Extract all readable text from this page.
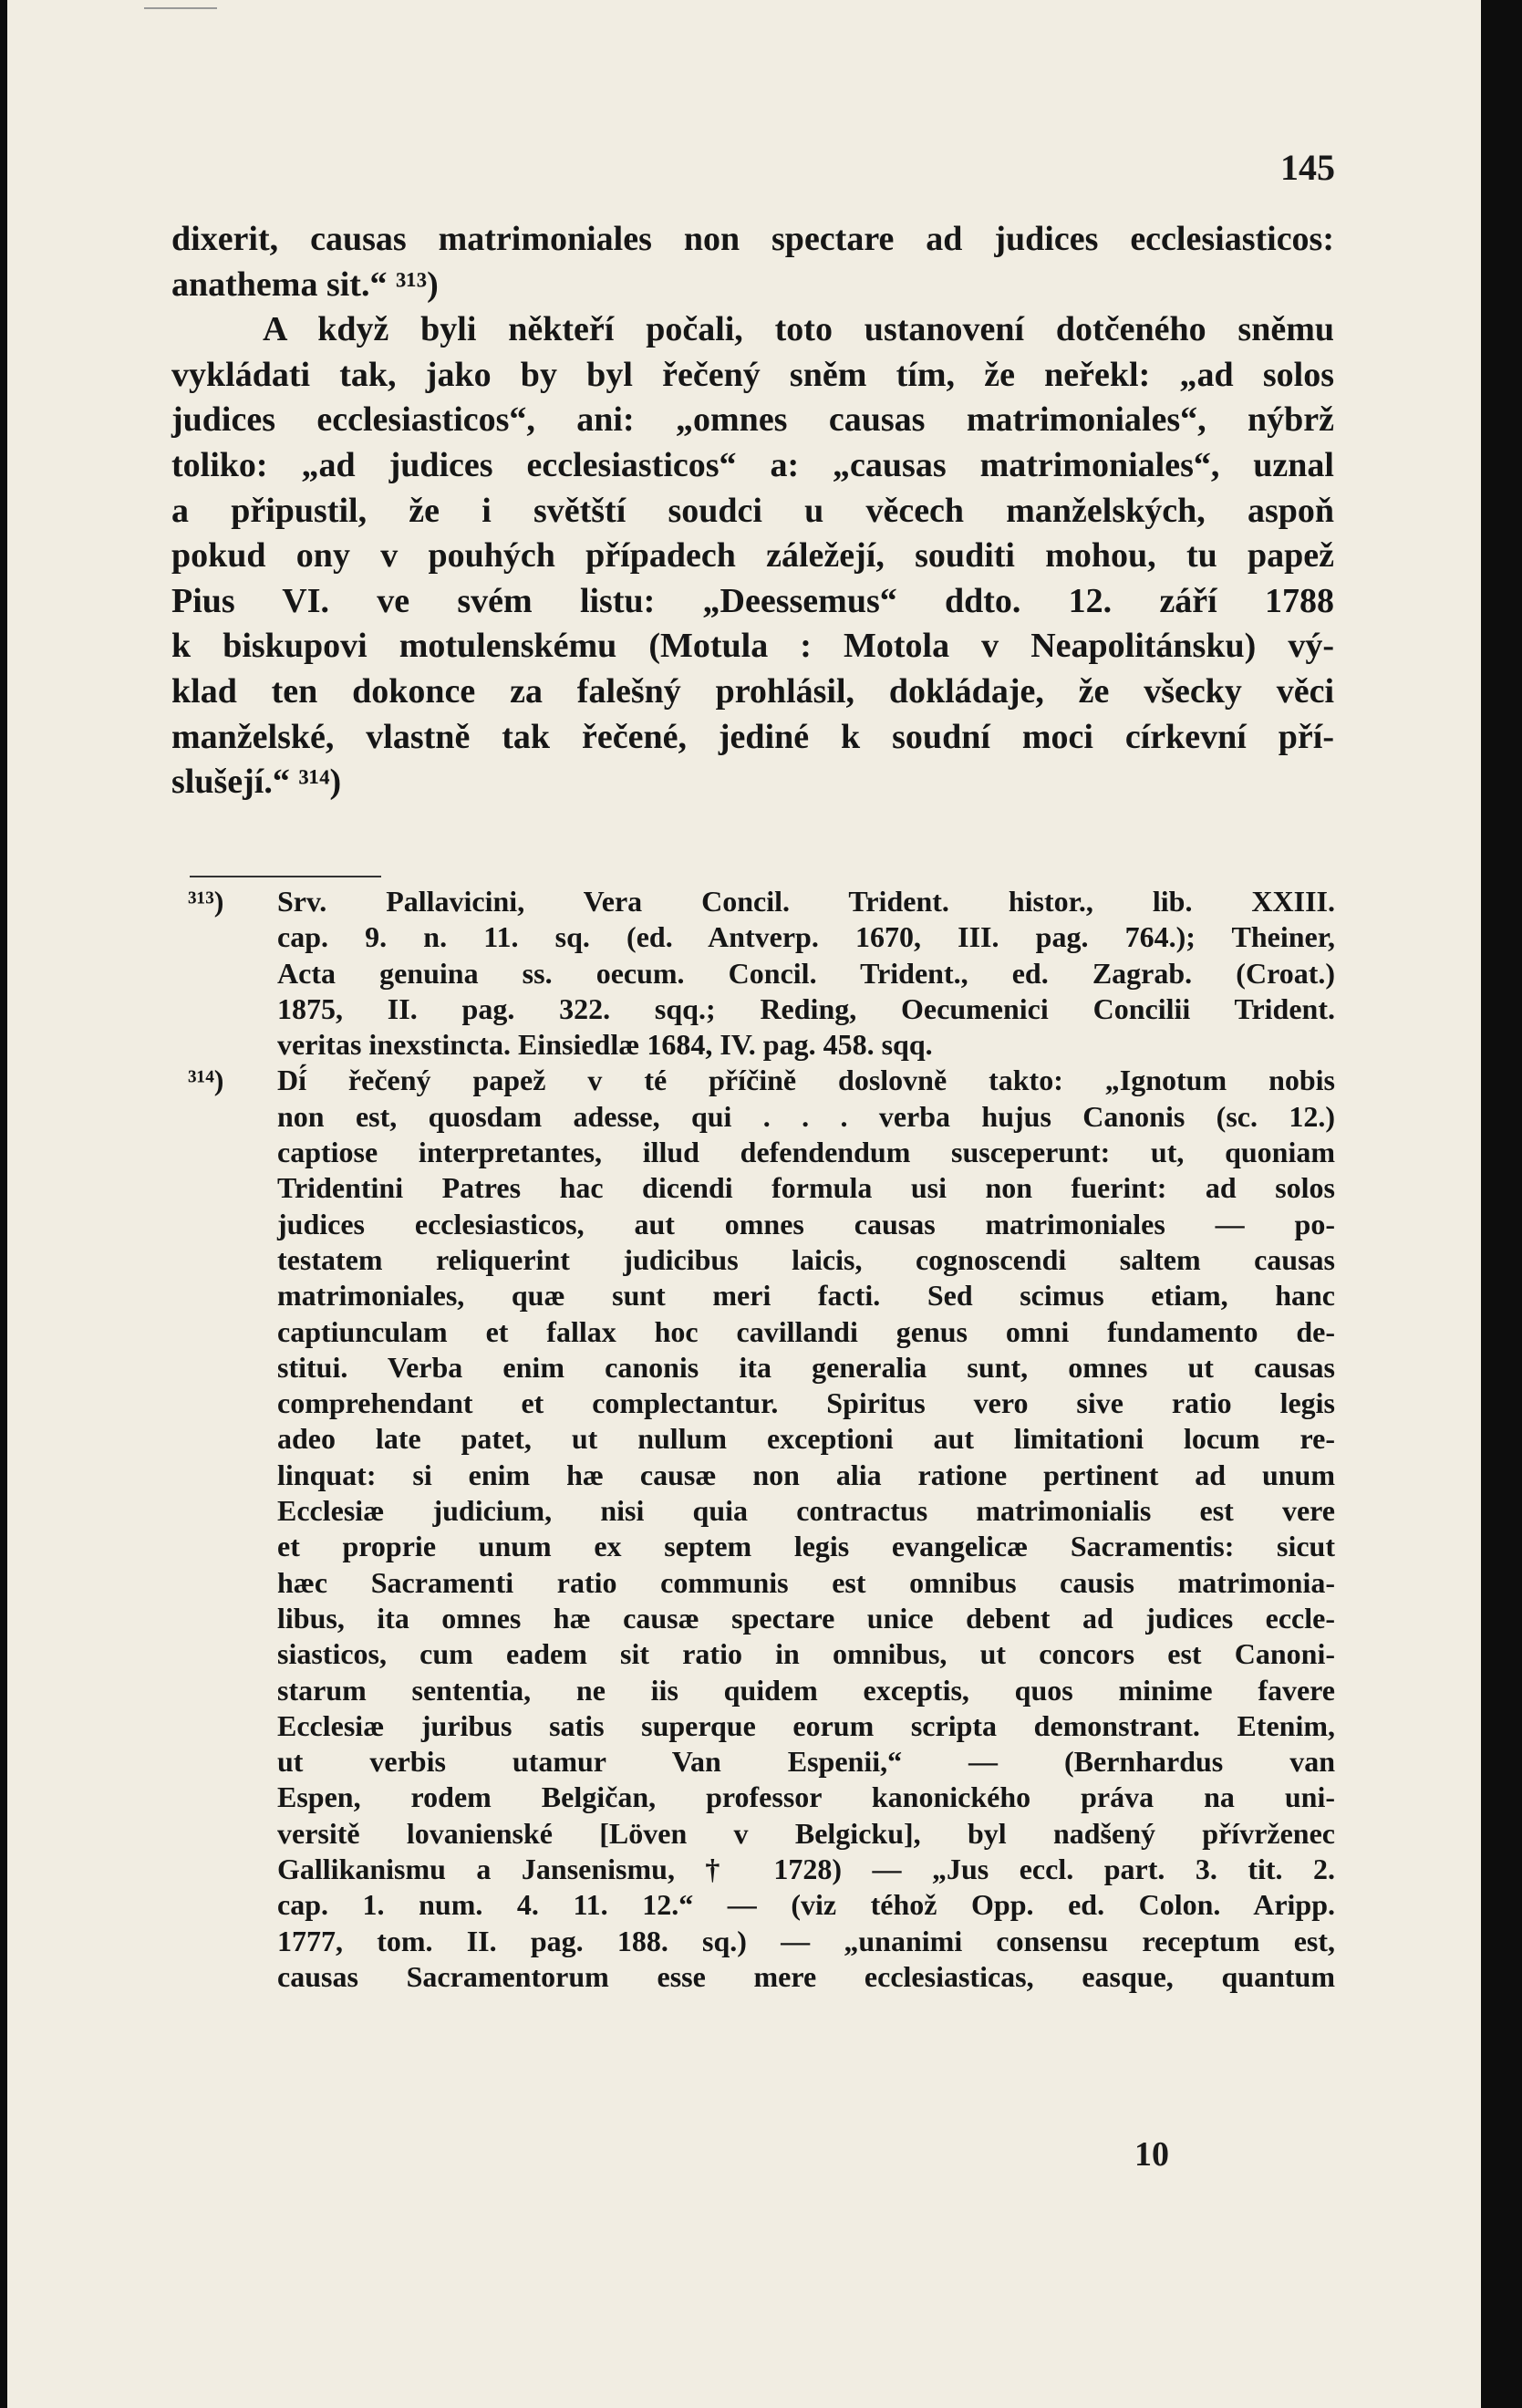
145

dixerit, causas matrimoniales non spectare ad judices ecclesiasticos:

anathema sit.“ ³¹³)

A když byli někteří počali, toto ustanovení dotčeného sněmu

vykládati tak, jako by byl řečený sněm tím, že neřekl: „ad solos

judices ecclesiasticos“, ani: „omnes causas matrimoniales“, nýbrž

toliko: „ad judices ecclesiasticos“ a: „causas matrimoniales“, uznal

a připustil, že i světští soudci u věcech manželských, aspoň

pokud ony v pouhých případech záležejí, souditi mohou, tu papež

Pius VI. ve svém listu: „Deessemus“ ddto. 12. září 1788

k biskupovi motulenskému (Motula : Motola v Neapolitánsku) vý-

klad ten dokonce za falešný prohlásil, dokládaje, že všecky věci

manželské, vlastně tak řečené, jediné k soudní moci církevní pří-

slušejí.“ ³¹⁴)

³¹³) Srv. Pallavicini, Vera Concil. Trident. histor., lib. XXIII.
cap. 9. n. 11. sq. (ed. Antverp. 1670, III. pag. 764.); Theiner,
Acta genuina ss. oecum. Concil. Trident., ed. Zagrab. (Croat.)
1875, II. pag. 322. sqq.; Reding, Oecumenici Concilii Trident.
veritas inexstincta. Einsiedlæ 1684, IV. pag. 458. sqq.
³¹⁴) Dí́ řečený papež v té příčině doslovně takto: „Ignotum nobis
non est, quosdam adesse, qui . . . verba hujus Canonis (sc. 12.)
captiose interpretantes, illud defendendum susceperunt: ut, quoniam
Tridentini Patres hac dicendi formula usi non fuerint: ad solos
judices ecclesiasticos, aut omnes causas matrimoniales — po-
testatem reliquerint judicibus laicis, cognoscendi saltem causas
matrimoniales, quæ sunt meri facti. Sed scimus etiam, hanc
captiunculam et fallax hoc cavillandi genus omni fundamento de-
stitui. Verba enim canonis ita generalia sunt, omnes ut causas
comprehendant et complectantur. Spiritus vero sive ratio legis
adeo late patet, ut nullum exceptioni aut limitationi locum re-
linquat: si enim hæ causæ non alia ratione pertinent ad unum
Ecclesiæ judicium, nisi quia contractus matrimonialis est vere
et proprie unum ex septem legis evangelicæ Sacramentis: sicut
hæc Sacramenti ratio communis est omnibus causis matrimonia-
libus, ita omnes hæ causæ spectare unice debent ad judices eccle-
siasticos, cum eadem sit ratio in omnibus, ut concors est Canoni-
starum sententia, ne iis quidem exceptis, quos minime favere
Ecclesiæ juribus satis superque eorum scripta demonstrant. Etenim,
ut verbis utamur Van Espenii,“ — (Bernhardus van
Espen, rodem Belgičan, professor kanonického práva na uni-
versitě lovanienské [Löven v Belgicku], byl nadšený přívrženec
Gallikanismu a Jansenismu, † 1728) — „Jus eccl. part. 3. tit. 2.
cap. 1. num. 4. 11. 12.“ — (viz téhož Opp. ed. Colon. Aripp.
1777, tom. II. pag. 188. sq.) — „unanimi consensu receptum est,
causas Sacramentorum esse mere ecclesiasticas, easque, quantum
10
